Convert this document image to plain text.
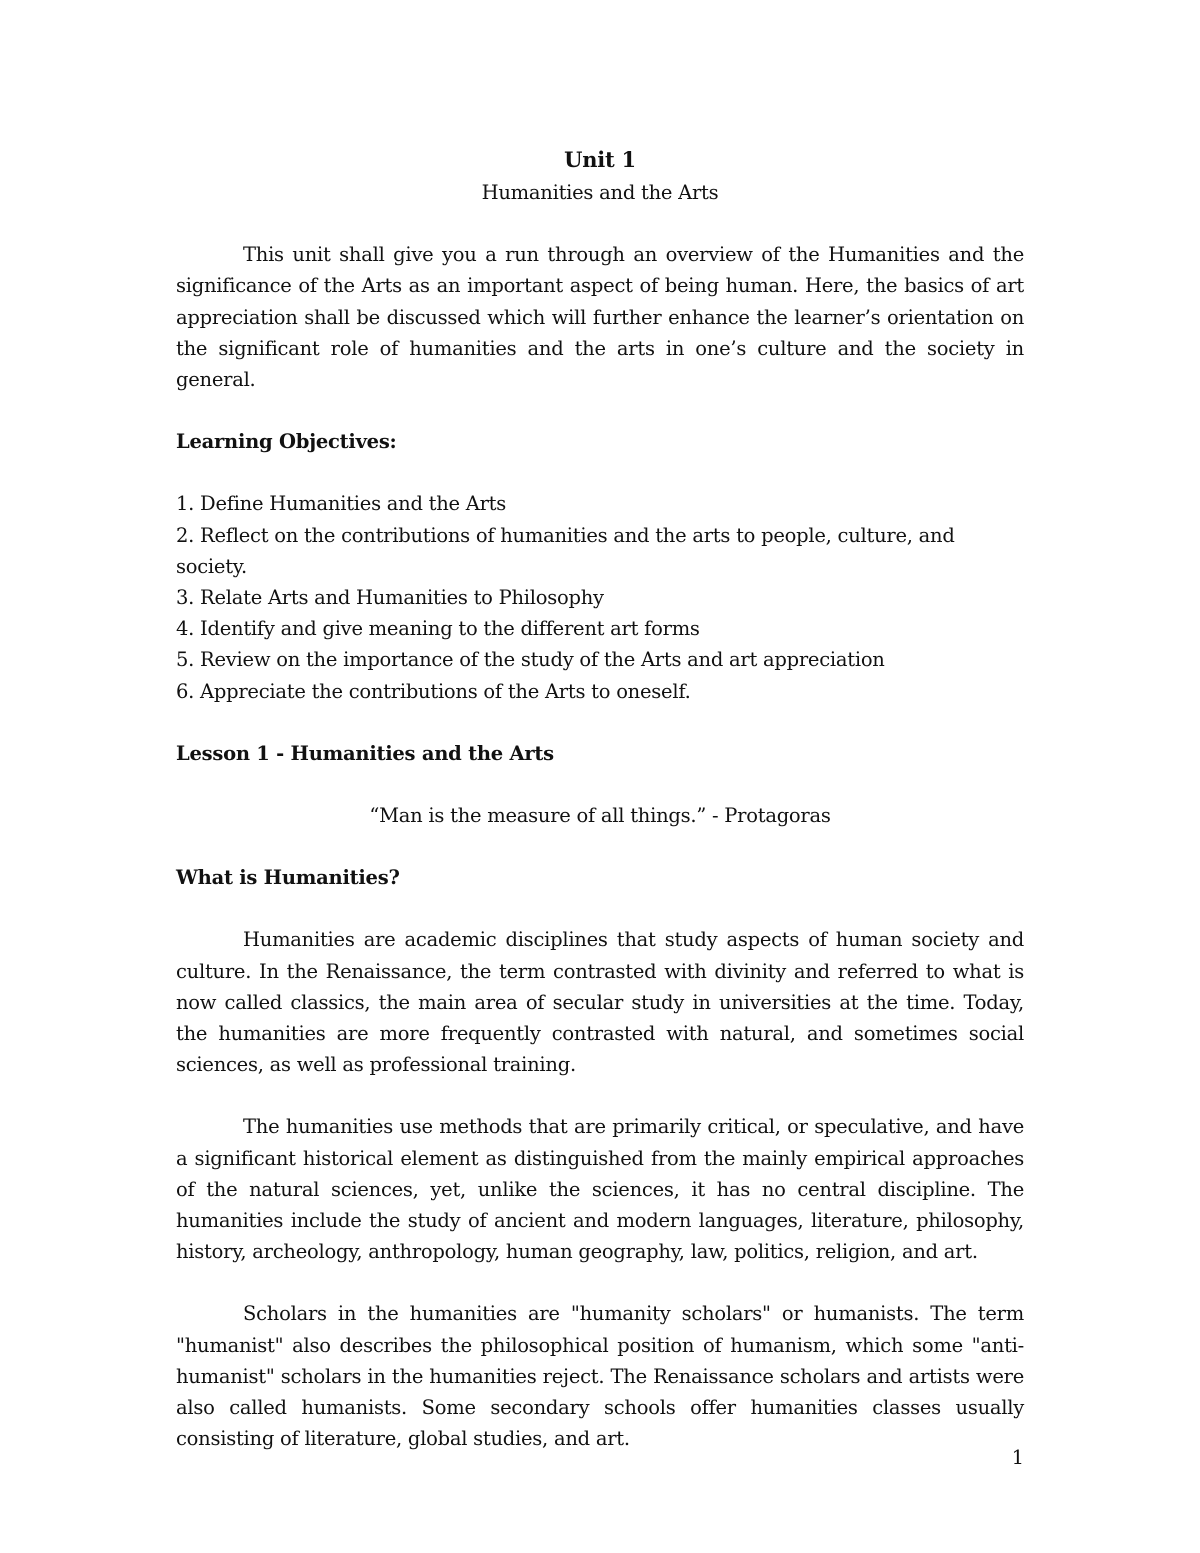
Unit 1

Humanities and the Arts

This unit shall give you a run through an overview of the Humanities and the significance of the Arts as an important aspect of being human. Here, the basics of art appreciation shall be discussed which will further enhance the learner’s orientation on the significant role of humanities and the arts in one’s culture and the society in general.

Learning Objectives:

1. Define Humanities and the Arts
2. Reflect on the contributions of humanities and the arts to people, culture, and society.
3. Relate Arts and Humanities to Philosophy
4. Identify and give meaning to the different art forms
5. Review on the importance of the study of the Arts and art appreciation
6. Appreciate the contributions of the Arts to oneself.

Lesson 1 - Humanities and the Arts

“Man is the measure of all things.” - Protagoras

What is Humanities?

Humanities are academic disciplines that study aspects of human society and culture. In the Renaissance, the term contrasted with divinity and referred to what is now called classics, the main area of secular study in universities at the time. Today, the humanities are more frequently contrasted with natural, and sometimes social sciences, as well as professional training.

The humanities use methods that are primarily critical, or speculative, and have a significant historical element as distinguished from the mainly empirical approaches of the natural sciences, yet, unlike the sciences, it has no central discipline. The humanities include the study of ancient and modern languages, literature, philosophy, history, archeology, anthropology, human geography, law, politics, religion, and art.

Scholars in the humanities are "humanity scholars" or humanists. The term "humanist" also describes the philosophical position of humanism, which some "anti-humanist" scholars in the humanities reject. The Renaissance scholars and artists were also called humanists. Some secondary schools offer humanities classes usually consisting of literature, global studies, and art.

1
